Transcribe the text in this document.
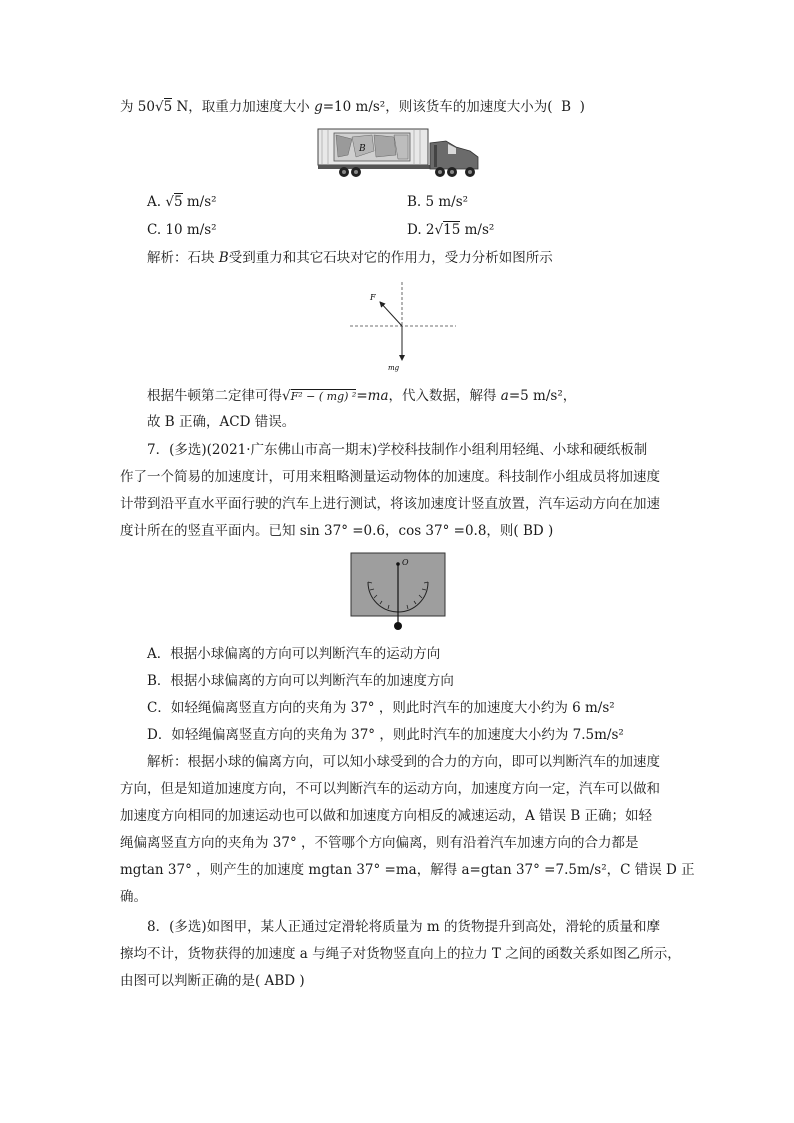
为 50√5 N，取重力加速度大小 g=10 m/s²，则该货车的加速度大小为( B )
B
A. √5 m/s²	B. 5 m/s²
C. 10 m/s²	D. 2√15 m/s²
解析：石块 B受到重力和其它石块对它的作用力，受力分析如图所示
F
mg
根据牛顿第二定律可得√F² − ( mg) ²=ma，代入数据，解得 a=5 m/s²，
故 B 正确，ACD 错误。
7．(多选)(2021·广东佛山市高一期末)学校科技制作小组利用轻绳、小球和硬纸板制
作了一个简易的加速度计，可用来粗略测量运动物体的加速度。科技制作小组成员将加速度
计带到沿平直水平面行驶的汽车上进行测试，将该加速度计竖直放置，汽车运动方向在加速
度计所在的竖直平面内。已知 sin 37° =0.6，cos 37° =0.8，则( BD )
O
A．根据小球偏离的方向可以判断汽车的运动方向
B．根据小球偏离的方向可以判断汽车的加速度方向
C．如轻绳偏离竖直方向的夹角为 37° ，则此时汽车的加速度大小约为 6 m/s²
D．如轻绳偏离竖直方向的夹角为 37° ，则此时汽车的加速度大小约为 7.5m/s²
解析：根据小球的偏离方向，可以知小球受到的合力的方向，即可以判断汽车的加速度
方向，但是知道加速度方向，不可以判断汽车的运动方向，加速度方向一定，汽车可以做和
加速度方向相同的加速运动也可以做和加速度方向相反的减速运动，A 错误 B 正确；如轻
绳偏离竖直方向的夹角为 37° ，不管哪个方向偏离，则有沿着汽车加速方向的合力都是
mgtan 37° ，则产生的加速度 mgtan 37° =ma，解得 a=gtan 37° =7.5m/s²，C 错误 D 正
确。
8．(多选)如图甲，某人正通过定滑轮将质量为 m 的货物提升到高处，滑轮的质量和摩
擦均不计，货物获得的加速度 a 与绳子对货物竖直向上的拉力 T 之间的函数关系如图乙所示，
由图可以判断正确的是( ABD )
